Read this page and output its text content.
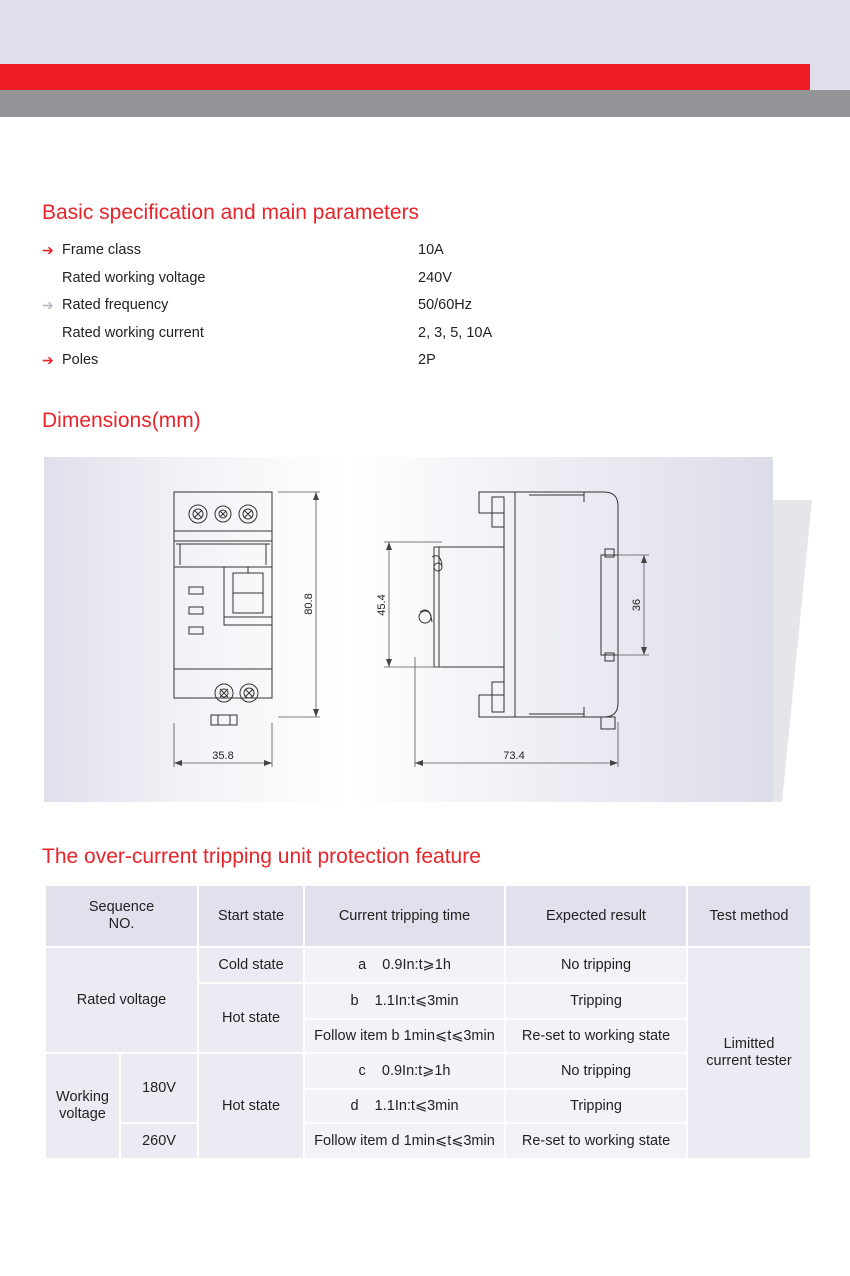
Basic specification and main parameters
➔ Frame class	10A
Rated working voltage	240V
➔ Rated frequency	50/60Hz
Rated working current	2, 3, 5, 10A
➔ Poles	2P
Dimensions(mm)
35.8
80.8	45.4	36
73.4
The over-current tripping unit protection feature
Sequence
NO.		Start state	Current tripping time	Expected result	Test method
Rated voltage		Cold state	a 0.9In:t⩾1h	No tripping	Limitted
current tester
		Hot state	b 1.1In:t⩽3min	Tripping	
			Follow item b 1min⩽t⩽3min	Re-set to working state	
Working
voltage	180V	Hot state	c 0.9In:t⩾1h	No tripping	
			d 1.1In:t⩽3min	Tripping	
	260V		Follow item d 1min⩽t⩽3min	Re-set to working state	
